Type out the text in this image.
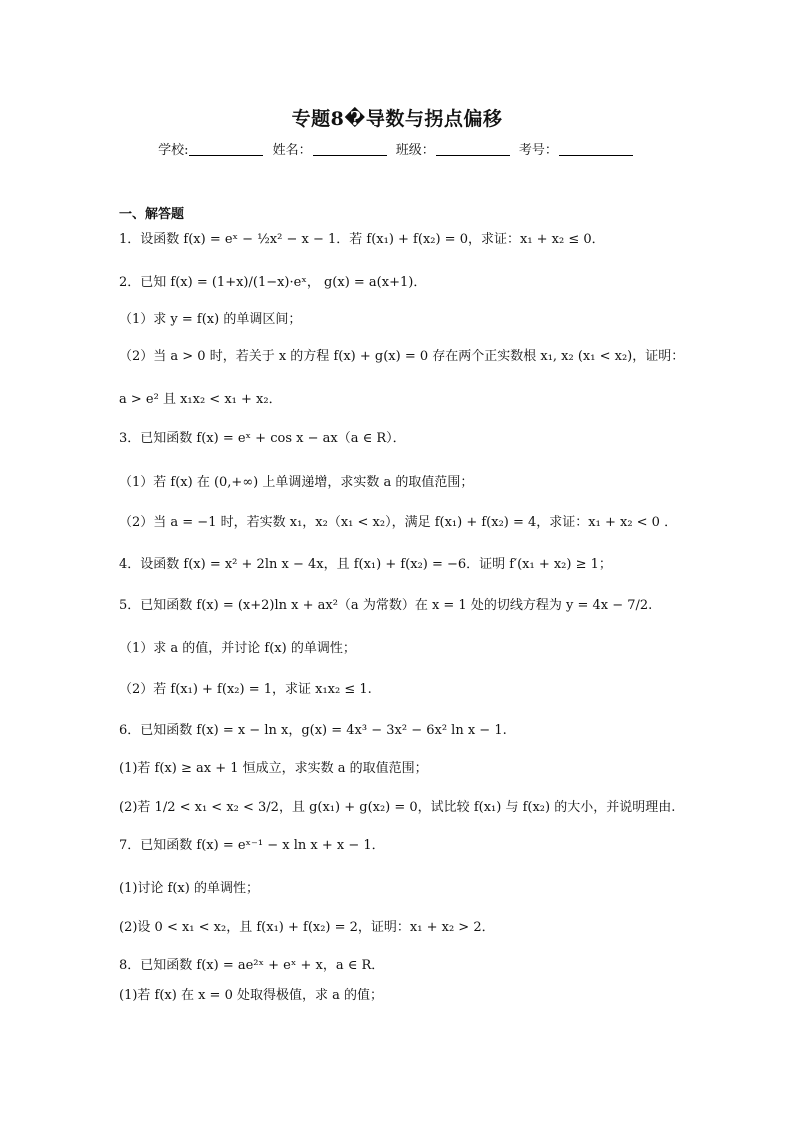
专题8�导数与拐点偏移
学校:	姓名：	班级：	考号：
一、解答题
1．设函数 f(x) = eˣ − ½x² − x − 1．若 f(x₁) + f(x₂) = 0，求证：x₁ + x₂ ≤ 0．
2．已知 f(x) = (1+x)/(1−x)·eˣ， g(x) = a(x+1)．
（1）求 y = f(x) 的单调区间；
（2）当 a > 0 时，若关于 x 的方程 f(x) + g(x) = 0 存在两个正实数根 x₁, x₂ (x₁ < x₂)，证明：
a > e² 且 x₁x₂ < x₁ + x₂．
3．已知函数 f(x) = eˣ + cos x − ax（a ∈ R）．
（1）若 f(x) 在 (0,+∞) 上单调递增，求实数 a 的取值范围；
（2）当 a = −1 时，若实数 x₁，x₂（x₁ < x₂），满足 f(x₁) + f(x₂) = 4，求证：x₁ + x₂ < 0 ．
4．设函数 f(x) = x² + 2ln x − 4x，且 f(x₁) + f(x₂) = −6．证明 f′(x₁ + x₂) ≥ 1；
5．已知函数 f(x) = (x+2)ln x + ax²（a 为常数）在 x = 1 处的切线方程为 y = 4x − 7/2.
（1）求 a 的值，并讨论 f(x) 的单调性；
（2）若 f(x₁) + f(x₂) = 1，求证 x₁x₂ ≤ 1.
6．已知函数 f(x) = x − ln x，g(x) = 4x³ − 3x² − 6x² ln x − 1.
(1)若 f(x) ≥ ax + 1 恒成立，求实数 a 的取值范围；
(2)若 1/2 < x₁ < x₂ < 3/2，且 g(x₁) + g(x₂) = 0，试比较 f(x₁) 与 f(x₂) 的大小，并说明理由.
7．已知函数 f(x) = eˣ⁻¹ − x ln x + x − 1．
(1)讨论 f(x) 的单调性；
(2)设 0 < x₁ < x₂，且 f(x₁) + f(x₂) = 2，证明：x₁ + x₂ > 2．
8．已知函数 f(x) = ae²ˣ + eˣ + x，a ∈ R．
(1)若 f(x) 在 x = 0 处取得极值，求 a 的值；
